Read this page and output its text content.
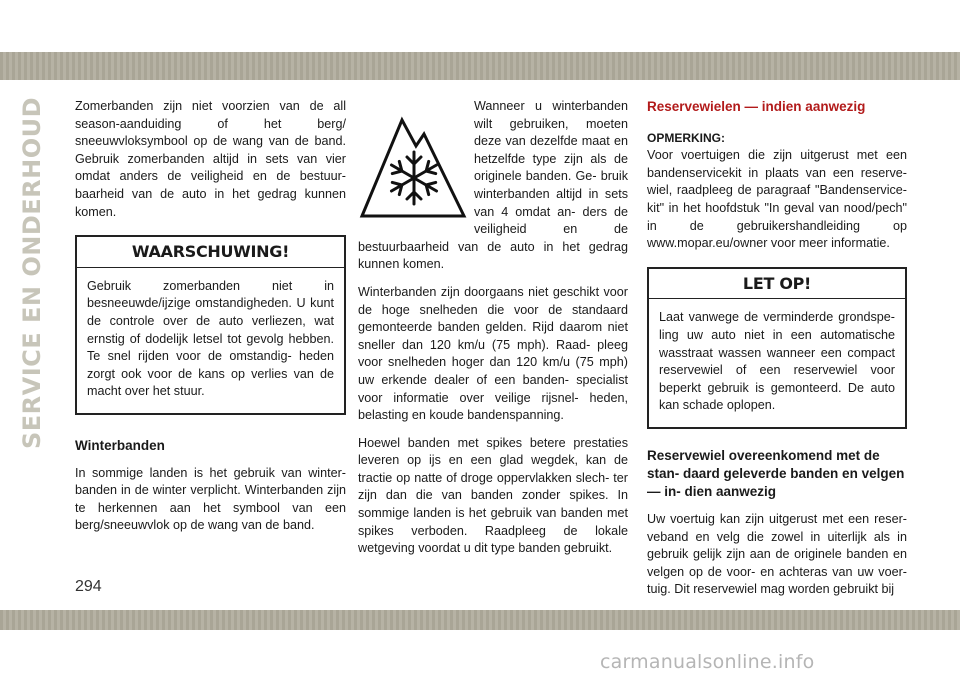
SERVICE EN ONDERHOUD Zomerbanden zijn niet voorzien van de all season-aanduiding of het berg/ sneeuwvloksymbool op de wang van de band. Gebruik zomerbanden altijd in sets van vier omdat anders de veiligheid en de bestuur- baarheid van de auto in het gedrag kunnen komen.

WAARSCHUWING!
Gebruik zomerbanden niet in besneeuwde/ijzige omstandigheden. U kunt de controle over de auto verliezen, wat ernstig of dodelijk letsel tot gevolg hebben. Te snel rijden voor de omstandig- heden zorgt ook voor de kans op verlies van de macht over het stuur.
Winterbanden

In sommige landen is het gebruik van winter- banden in de winter verplicht. Winterbanden zijn te herkennen aan het symbool van een berg/sneeuwvlok op de wang van de band.

Wanneer u winterbanden wilt gebruiken, moeten deze van dezelfde maat en hetzelfde type zijn als de originele banden. Ge- bruik winterbanden altijd in sets van 4 omdat an- ders de veiligheid en de bestuurbaarheid van de auto in het gedrag kunnen komen.

Winterbanden zijn doorgaans niet geschikt voor de hoge snelheden die voor de standaard gemonteerde banden gelden. Rijd daarom niet sneller dan 120 km/u (75 mph). Raad- pleeg voor snelheden hoger dan 120 km/u (75 mph) uw erkende dealer of een banden- specialist voor informatie over veilige rijsnel- heden, belasting en koude bandenspanning.

Hoewel banden met spikes betere prestaties leveren op ijs en een glad wegdek, kan de tractie op natte of droge oppervlakken slech- ter zijn dan die van banden zonder spikes. In sommige landen is het gebruik van banden met spikes verboden. Raadpleeg de lokale wetgeving voordat u dit type banden gebruikt.

Reservewielen — indien aanwezig
OPMERKING:

Voor voertuigen die zijn uitgerust met een bandenservicekit in plaats van een reserve- wiel, raadpleeg de paragraaf "Bandenservice- kit" in het hoofdstuk "In geval van nood/pech" in de gebruikershandleiding op www.mopar.eu/owner voor meer informatie.

LET OP!
Laat vanwege de verminderde grondspe- ling uw auto niet in een automatische wasstraat wassen wanneer een compact reservewiel of een reservewiel voor beperkt gebruik is gemonteerd. De auto kan schade oplopen.
Reservewiel overeenkomend met de stan- daard geleverde banden en velgen — in- dien aanwezig

Uw voertuig kan zijn uitgerust met een reser- veband en velg die zowel in uiterlijk als in gebruik gelijk zijn aan de originele banden en velgen op de voor- en achteras van uw voer- tuig. Dit reservewiel mag worden gebruikt bij

294
carmanualsonline.info
